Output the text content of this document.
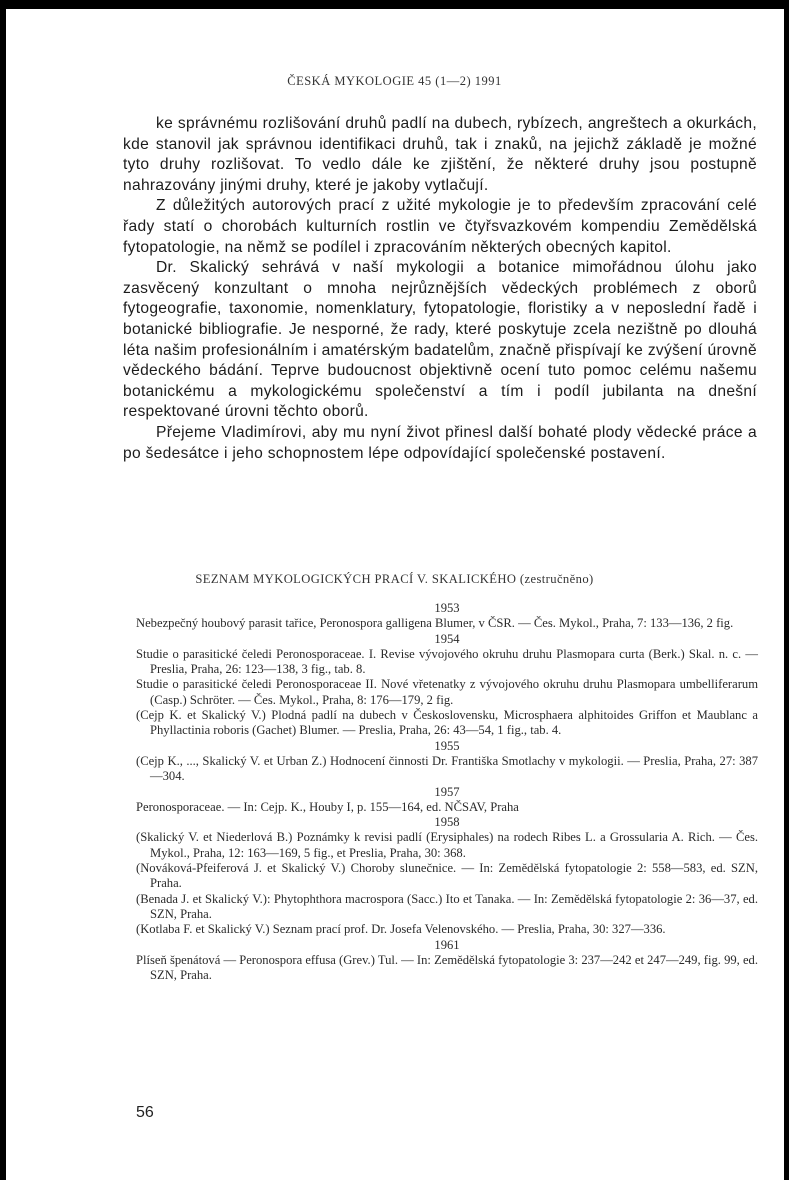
ČESKÁ MYKOLOGIE 45 (1—2) 1991

ke správnému rozlišování druhů padlí na dubech, rybízech, angreštech a okurkách, kde stanovil jak správnou identifikaci druhů, tak i znaků, na jejichž základě je možné tyto druhy rozlišovat. To vedlo dále ke zjištění, že některé druhy jsou postupně nahrazovány jinými druhy, které je jakoby vytlačují.

Z důležitých autorových prací z užité mykologie je to především zpracování celé řady statí o chorobách kulturních rostlin ve čtyřsvazkovém kompendiu Zemědělská fytopatologie, na němž se podílel i zpracováním některých obecných kapitol.

Dr. Skalický sehrává v naší mykologii a botanice mimořádnou úlohu jako zasvěcený konzultant o mnoha nejrůznějších vědeckých problémech z oborů fytogeografie, taxonomie, nomenklatury, fytopatologie, floristiky a v neposlední řadě i botanické bibliografie. Je nesporné, že rady, které poskytuje zcela nezištně po dlouhá léta našim profesionálním i amatérským badatelům, značně přispívají ke zvýšení úrovně vědeckého bádání. Teprve budoucnost objektivně ocení tuto pomoc celému našemu botanickému a mykologickému společenství a tím i podíl jubilanta na dnešní respektované úrovni těchto oborů.

Přejeme Vladimírovi, aby mu nyní život přinesl další bohaté plody vědecké práce a po šedesátce i jeho schopnostem lépe odpovídající společenské postavení.

SEZNAM MYKOLOGICKÝCH PRACÍ V. SKALICKÉHO (zestručněno)

1953

Nebezpečný houbový parasit tařice, Peronospora galligena Blumer, v ČSR. — Čes. Mykol., Praha, 7: 133—136, 2 fig.

1954

Studie o parasitické čeledi Peronosporaceae. I. Revise vývojového okruhu druhu Plasmopara curta (Berk.) Skal. n. c. — Preslia, Praha, 26: 123—138, 3 fig., tab. 8.

Studie o parasitické čeledi Peronosporaceae II. Nové vřetenatky z vývojového okruhu druhu Plasmopara umbelliferarum (Casp.) Schröter. — Čes. Mykol., Praha, 8: 176—179, 2 fig.

(Cejp K. et Skalický V.) Plodná padlí na dubech v Československu, Microsphaera alphitoides Griffon et Maublanc a Phyllactinia roboris (Gachet) Blumer. — Preslia, Praha, 26: 43—54, 1 fig., tab. 4.

1955

(Cejp K., ..., Skalický V. et Urban Z.) Hodnocení činnosti Dr. Františka Smotlachy v mykologii. — Preslia, Praha, 27: 387—304.

1957

Peronosporaceae. — In: Cejp. K., Houby I, p. 155—164, ed. NČSAV, Praha

1958

(Skalický V. et Niederlová B.) Poznámky k revisi padlí (Erysiphales) na rodech Ribes L. a Grossularia A. Rich. — Čes. Mykol., Praha, 12: 163—169, 5 fig., et Preslia, Praha, 30: 368.

(Nováková-Pfeiferová J. et Skalický V.) Choroby slunečnice. — In: Zemědělská fytopatologie 2: 558—583, ed. SZN, Praha.

(Benada J. et Skalický V.): Phytophthora macrospora (Sacc.) Ito et Tanaka. — In: Zemědělská fytopatologie 2: 36—37, ed. SZN, Praha.

(Kotlaba F. et Skalický V.) Seznam prací prof. Dr. Josefa Velenovského. — Preslia, Praha, 30: 327—336.

1961

Plíseň špenátová — Peronospora effusa (Grev.) Tul. — In: Zemědělská fytopatologie 3: 237—242 et 247—249, fig. 99, ed. SZN, Praha.

56
